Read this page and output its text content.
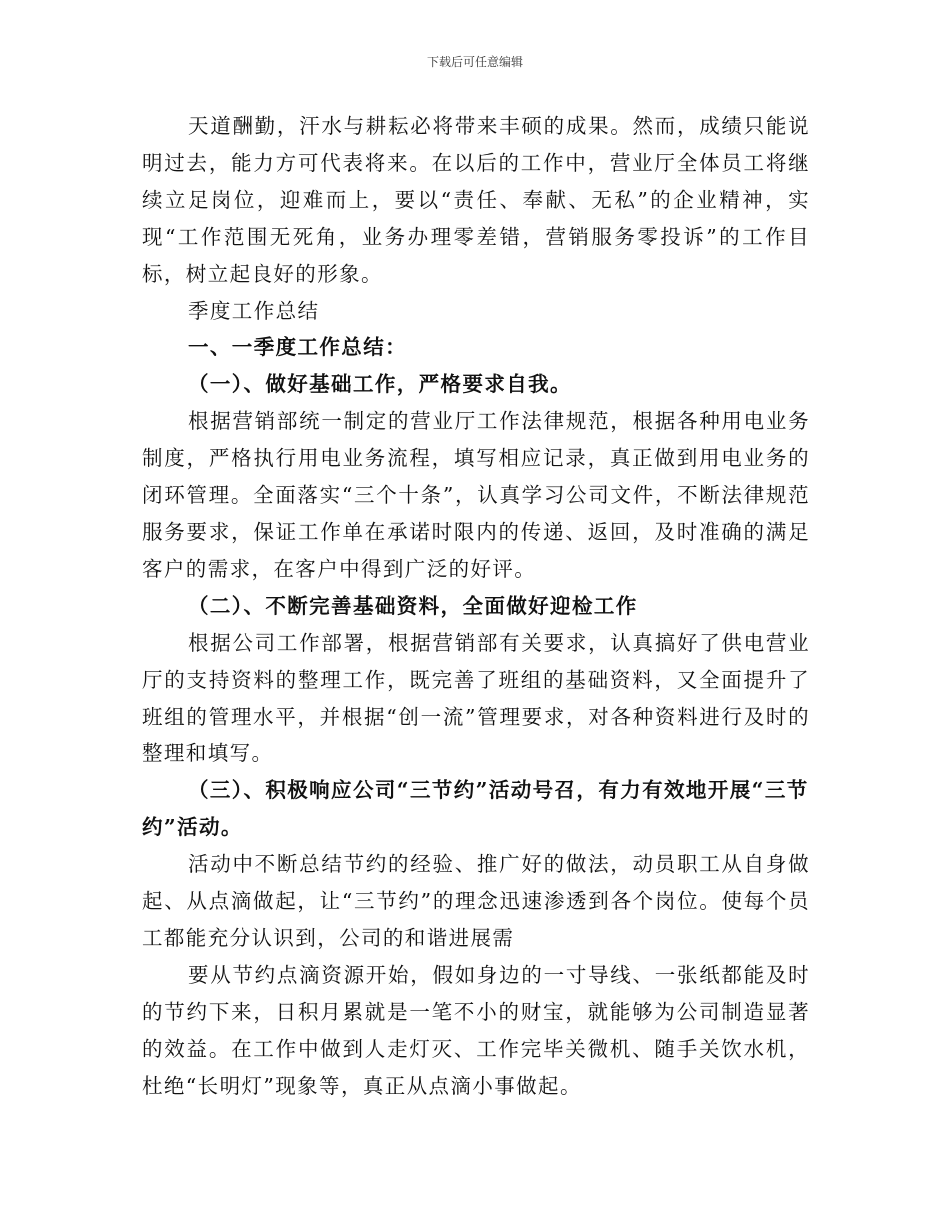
下载后可任意编辑

天道酬勤，汗水与耕耘必将带来丰硕的成果。然而，成绩只能说明过去，能力方可代表将来。在以后的工作中，营业厅全体员工将继续立足岗位，迎难而上，要以“责任、奉献、无私”的企业精神，实现“工作范围无死角，业务办理零差错，营销服务零投诉”的工作目标，树立起良好的形象。

季度工作总结

一、一季度工作总结：

（一）、做好基础工作，严格要求自我。

根据营销部统一制定的营业厅工作法律规范，根据各种用电业务制度，严格执行用电业务流程，填写相应记录，真正做到用电业务的闭环管理。全面落实“三个十条”，认真学习公司文件，不断法律规范服务要求，保证工作单在承诺时限内的传递、返回，及时准确的满足客户的需求，在客户中得到广泛的好评。

（二）、不断完善基础资料，全面做好迎检工作

根据公司工作部署，根据营销部有关要求，认真搞好了供电营业厅的支持资料的整理工作，既完善了班组的基础资料，又全面提升了班组的管理水平，并根据“创一流”管理要求，对各种资料进行及时的整理和填写。

（三）、积极响应公司“三节约”活动号召，有力有效地开展“三节约”活动。

活动中不断总结节约的经验、推广好的做法，动员职工从自身做起、从点滴做起，让“三节约”的理念迅速渗透到各个岗位。使每个员工都能充分认识到，公司的和谐进展需

要从节约点滴资源开始，假如身边的一寸导线、一张纸都能及时的节约下来，日积月累就是一笔不小的财宝，就能够为公司制造显著的效益。在工作中做到人走灯灭、工作完毕关微机、随手关饮水机，杜绝“长明灯”现象等，真正从点滴小事做起。
